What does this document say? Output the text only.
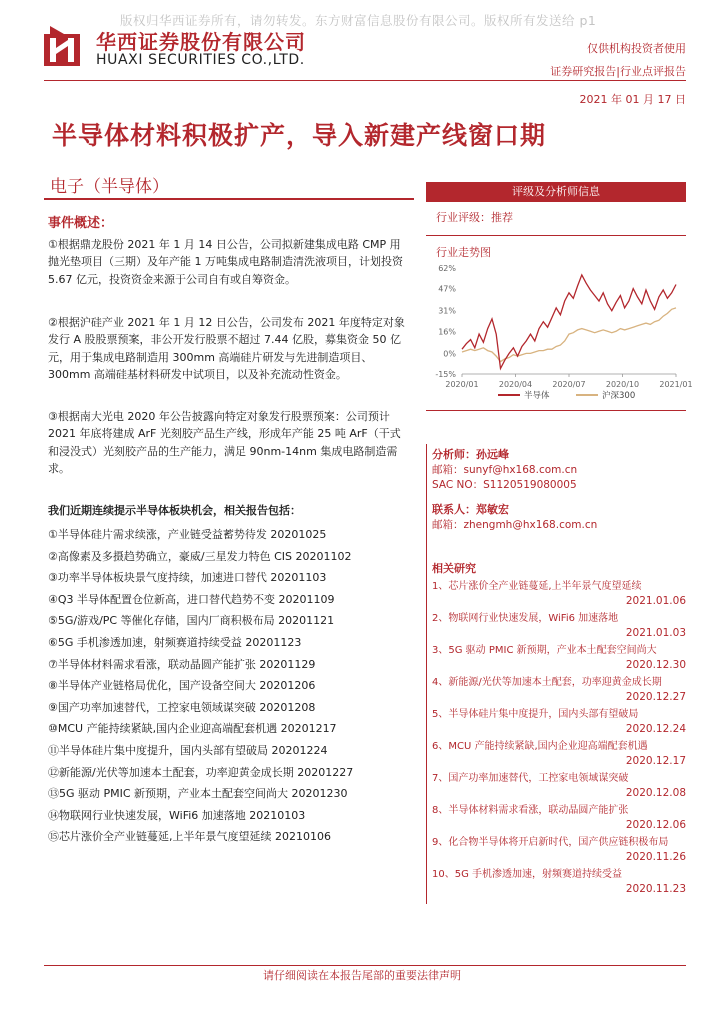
版权归华西证券所有，请勿转发。东方财富信息股份有限公司。版权所有发送给 p1
华西证券股份有限公司
HUAXI SECURITIES CO.,LTD.
仅供机构投资者使用
证券研究报告|行业点评报告
2021 年 01 月 17 日
半导体材料积极扩产，导入新建产线窗口期
电子（半导体）
事件概述：
①根据鼎龙股份 2021 年 1 月 14 日公告，公司拟新建集成电路 CMP 用抛光垫项目（三期）及年产能 1 万吨集成电路制造清洗液项目，计划投资 5.67 亿元，投资资金来源于公司自有或自筹资金。
②根据沪硅产业 2021 年 1 月 12 日公告，公司发布 2021 年度特定对象发行 A 股股票预案，非公开发行股票不超过 7.44 亿股，募集资金 50 亿元，用于集成电路制造用 300mm 高端硅片研发与先进制造项目、300mm 高端硅基材料研发中试项目，以及补充流动性资金。
③根据南大光电 2020 年公告披露向特定对象发行股票预案：公司预计 2021 年底将建成 ArF 光刻胶产品生产线，形成年产能 25 吨 ArF（干式和浸没式）光刻胶产品的生产能力，满足 90nm-14nm 集成电路制造需求。
我们近期连续提示半导体板块机会，相关报告包括：
①半导体硅片需求续涨，产业链受益蓄势待发 20201025
②高像素及多摄趋势确立，豪威/三星发力特色 CIS 20201102
③功率半导体板块景气度持续，加速进口替代 20201103
④Q3 半导体配置仓位新高，进口替代趋势不变 20201109
⑤5G/游戏/PC 等催化存储，国内厂商积极布局 20201121
⑥5G 手机渗透加速，射频赛道持续受益 20201123
⑦半导体材料需求看涨，联动晶圆产能扩张 20201129
⑧半导体产业链格局优化，国产设备空间大 20201206
⑨国产功率加速替代，工控家电领域谋突破 20201208
⑩MCU 产能持续紧缺,国内企业迎高端配套机遇 20201217
⑪半导体硅片集中度提升，国内头部有望破局 20201224
⑫新能源/光伏等加速本土配套，功率迎黄金成长期 20201227
⑬5G 驱动 PMIC 新预期，产业本土配套空间尚大 20201230
⑭物联网行业快速发展，WiFi6 加速落地 20210103
⑮芯片涨价全产业链蔓延,上半年景气度望延续 20210106
评级及分析师信息
行业评级：推荐
行业走势图
62%
47%
31%
16%
0%
-15%
2020/01	2020/04	2020/07	2020/10	2021/01
半导体	沪深300
分析师：孙远峰
邮箱：sunyf@hx168.com.cn
SAC NO：S1120519080005
联系人：郑敏宏
邮箱：zhengmh@hx168.com.cn
相关研究
1、芯片涨价全产业链蔓延,上半年景气度望延续
2021.01.06
2、物联网行业快速发展，WiFi6 加速落地
2021.01.03
3、5G 驱动 PMIC 新预期，产业本土配套空间尚大
2020.12.30
4、新能源/光伏等加速本土配套，功率迎黄金成长期
2020.12.27
5、半导体硅片集中度提升，国内头部有望破局
2020.12.24
6、MCU 产能持续紧缺,国内企业迎高端配套机遇
2020.12.17
7、国产功率加速替代，工控家电领域谋突破
2020.12.08
8、半导体材料需求看涨，联动晶圆产能扩张
2020.12.06
9、化合物半导体将开启新时代，国产供应链积极布局
2020.11.26
10、5G 手机渗透加速，射频赛道持续受益
2020.11.23
请仔细阅读在本报告尾部的重要法律声明
